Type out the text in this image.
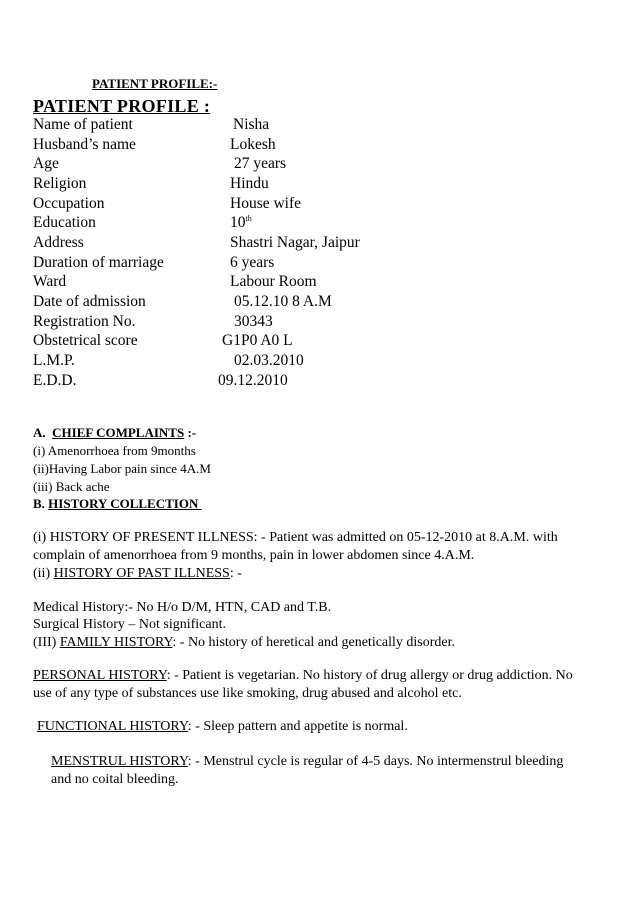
PATIENT PROFILE:-
PATIENT PROFILE :
Name of patient	Nisha
Husband’s name	Lokesh
Age	27 years
Religion	Hindu
Occupation	House wife
Education	10th
Address	Shastri Nagar, Jaipur
Duration of marriage	6 years
Ward	Labour Room
Date of admission	05.12.10 8 A.M
Registration No.	30343
Obstetrical score	G1P0 A0 L
L.M.P.	02.03.2010
E.D.D.	09.12.2010
A. CHIEF COMPLAINTS :-
(i) Amenorrhoea from 9months
(ii)Having Labor pain since 4A.M
(iii) Back ache
B. HISTORY COLLECTION
(i) HISTORY OF PRESENT ILLNESS: - Patient was admitted on 05-12-2010 at 8.A.M. with
complain of amenorrhoea from 9 months, pain in lower abdomen since 4.A.M.
(ii) HISTORY OF PAST ILLNESS: -
Medical History:- No H/o D/M, HTN, CAD and T.B.
Surgical History – Not significant.
(III) FAMILY HISTORY: - No history of heretical and genetically disorder.
PERSONAL HISTORY: - Patient is vegetarian. No history of drug allergy or drug addiction. No
use of any type of substances use like smoking, drug abused and alcohol etc.
FUNCTIONAL HISTORY: - Sleep pattern and appetite is normal.
MENSTRUL HISTORY: - Menstrul cycle is regular of 4-5 days. No intermenstrul bleeding
and no coital bleeding.
